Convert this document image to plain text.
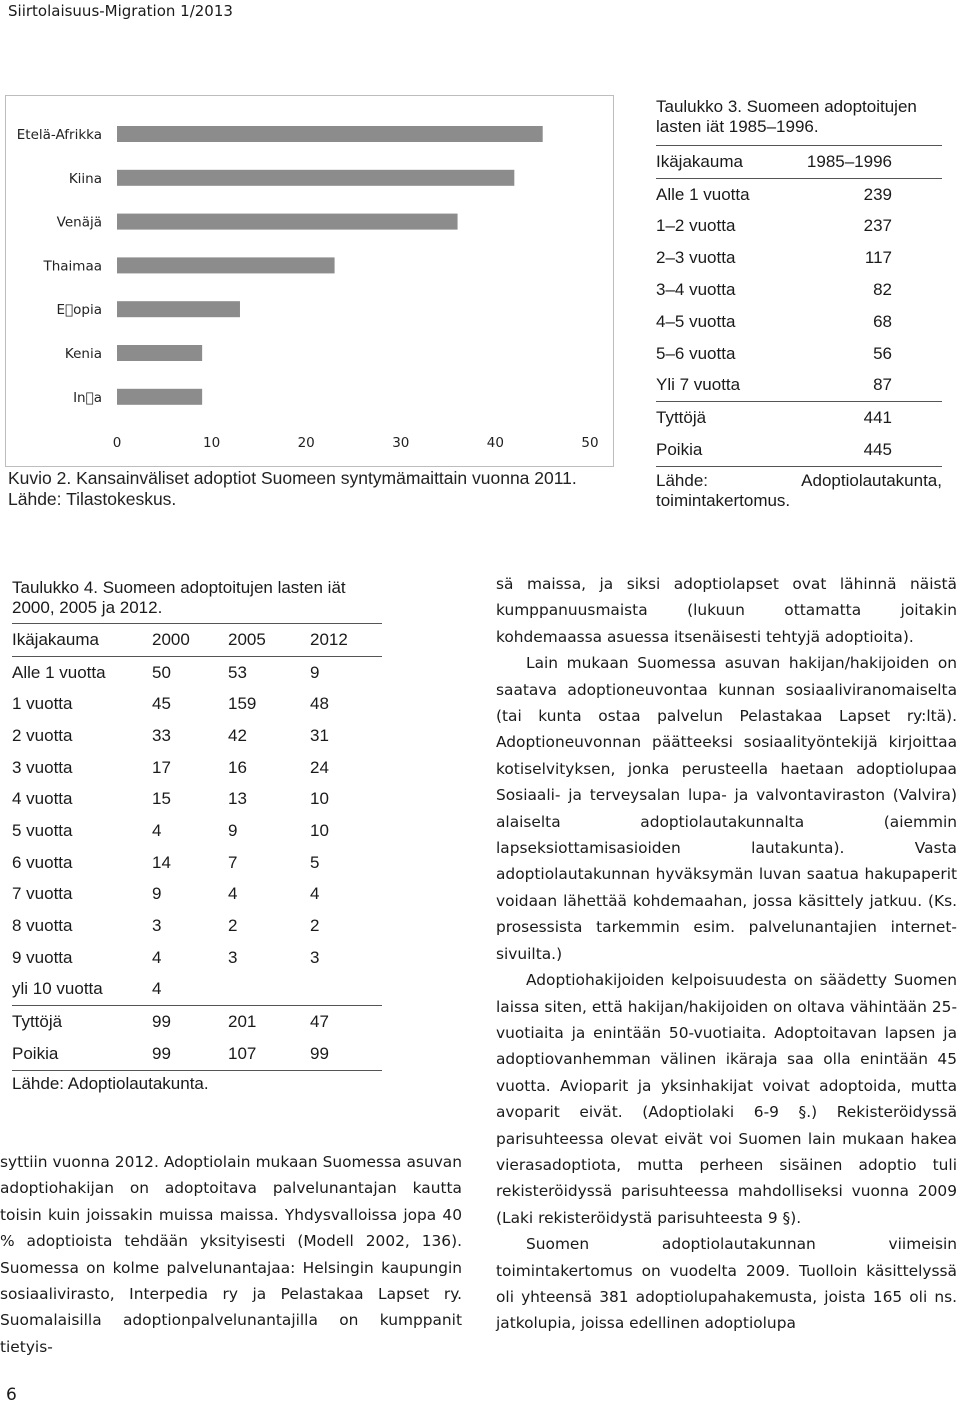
Siirtolaisuus-Migration 1/2013
Etelä-Afrikka
Kiina
Venäjä
Thaimaa
E opia
Kenia
In a
0	10	20	30	40	50
Kuvio 2. Kansainväliset adoptiot Suomeen syntymämaittain vuonna 2011. Lähde: Tilastokeskus.
Taulukko 3. Suomeen adoptoitujen lasten iät 1985–1996.
Ikäjakauma	1985–1996
Alle 1 vuotta	239
1–2 vuotta	237
2–3 vuotta	117
3–4 vuotta	82
4–5 vuotta	68
5–6 vuotta	56
Yli 7 vuotta	87
Tyttöjä	441
Poikia	445
Lähde: Adoptiolautakunta, toimintakertomus.
Taulukko 4. Suomeen adoptoitujen lasten iät 2000, 2005 ja 2012.
Ikäjakauma	2000	2005	2012
Alle 1 vuotta	50	53	9
1 vuotta	45	159	48
2 vuotta	33	42	31
3 vuotta	17	16	24
4 vuotta	15	13	10
5 vuotta	4	9	10
6 vuotta	14	7	5
7 vuotta	9	4	4
8 vuotta	3	2	2
9 vuotta	4	3	3
yli 10 vuotta	4		
Tyttöjä	99	201	47
Poikia	99	107	99
Lähde: Adoptiolautakunta.

syttiin vuonna 2012. Adoptiolain mukaan Suomessa asuvan adoptiohakijan on adoptoitava palvelunantajan kautta toisin kuin joissakin muissa maissa. Yhdysvalloissa jopa 40 % adoptioista tehdään yksityisesti (Modell 2002, 136). Suomessa on kolme palvelunantajaa: Helsingin kaupungin sosiaalivirasto, Interpedia ry ja Pelastakaa Lapset ry. Suomalaisilla adoptionpalvelunantajilla on kumppanit tietyis-

sä maissa, ja siksi adoptiolapset ovat lähinnä näistä kumppanuusmaista (lukuun ottamatta joitakin kohdemaassa asuessa itsenäisesti tehtyjä adoptioita).

Lain mukaan Suomessa asuvan hakijan/hakijoiden on saatava adoptioneuvontaa kunnan sosiaaliviranomaiselta (tai kunta ostaa palvelun Pelastakaa Lapset ry:ltä). Adoptioneuvonnan päätteeksi sosiaalityöntekijä kirjoittaa kotiselvityksen, jonka perusteella haetaan adoptiolupaa Sosiaali- ja terveysalan lupa- ja valvontaviraston (Valvira) alaiselta adoptiolautakunnalta (aiemmin lapseksiottamisasioiden lautakunta). Vasta adoptiolautakunnan hyväksymän luvan saatua hakupaperit voidaan lähettää kohdemaahan, jossa käsittely jatkuu. (Ks. prosessista tarkemmin esim. palvelunantajien internet-sivuilta.)

Adoptiohakijoiden kelpoisuudesta on säädetty Suomen laissa siten, että hakijan/hakijoiden on oltava vähintään 25-vuotiaita ja enintään 50-vuotiaita. Adoptoitavan lapsen ja adoptiovanhemman välinen ikäraja saa olla enintään 45 vuotta. Avioparit ja yksinhakijat voivat adoptoida, mutta avoparit eivät. (Adoptiolaki 6-9 §.) Rekisteröidyssä parisuhteessa olevat eivät voi Suomen lain mukaan hakea vierasadoptiota, mutta perheen sisäinen adoptio tuli rekisteröidyssä parisuhteessa mahdolliseksi vuonna 2009 (Laki rekisteröidystä parisuhteesta 9 §).

Suomen adoptiolautakunnan viimeisin toimintakertomus on vuodelta 2009. Tuolloin käsittelyssä oli yhteensä 381 adoptiolupahakemusta, joista 165 oli ns. jatkolupia, joissa edellinen adoptiolupa

6
